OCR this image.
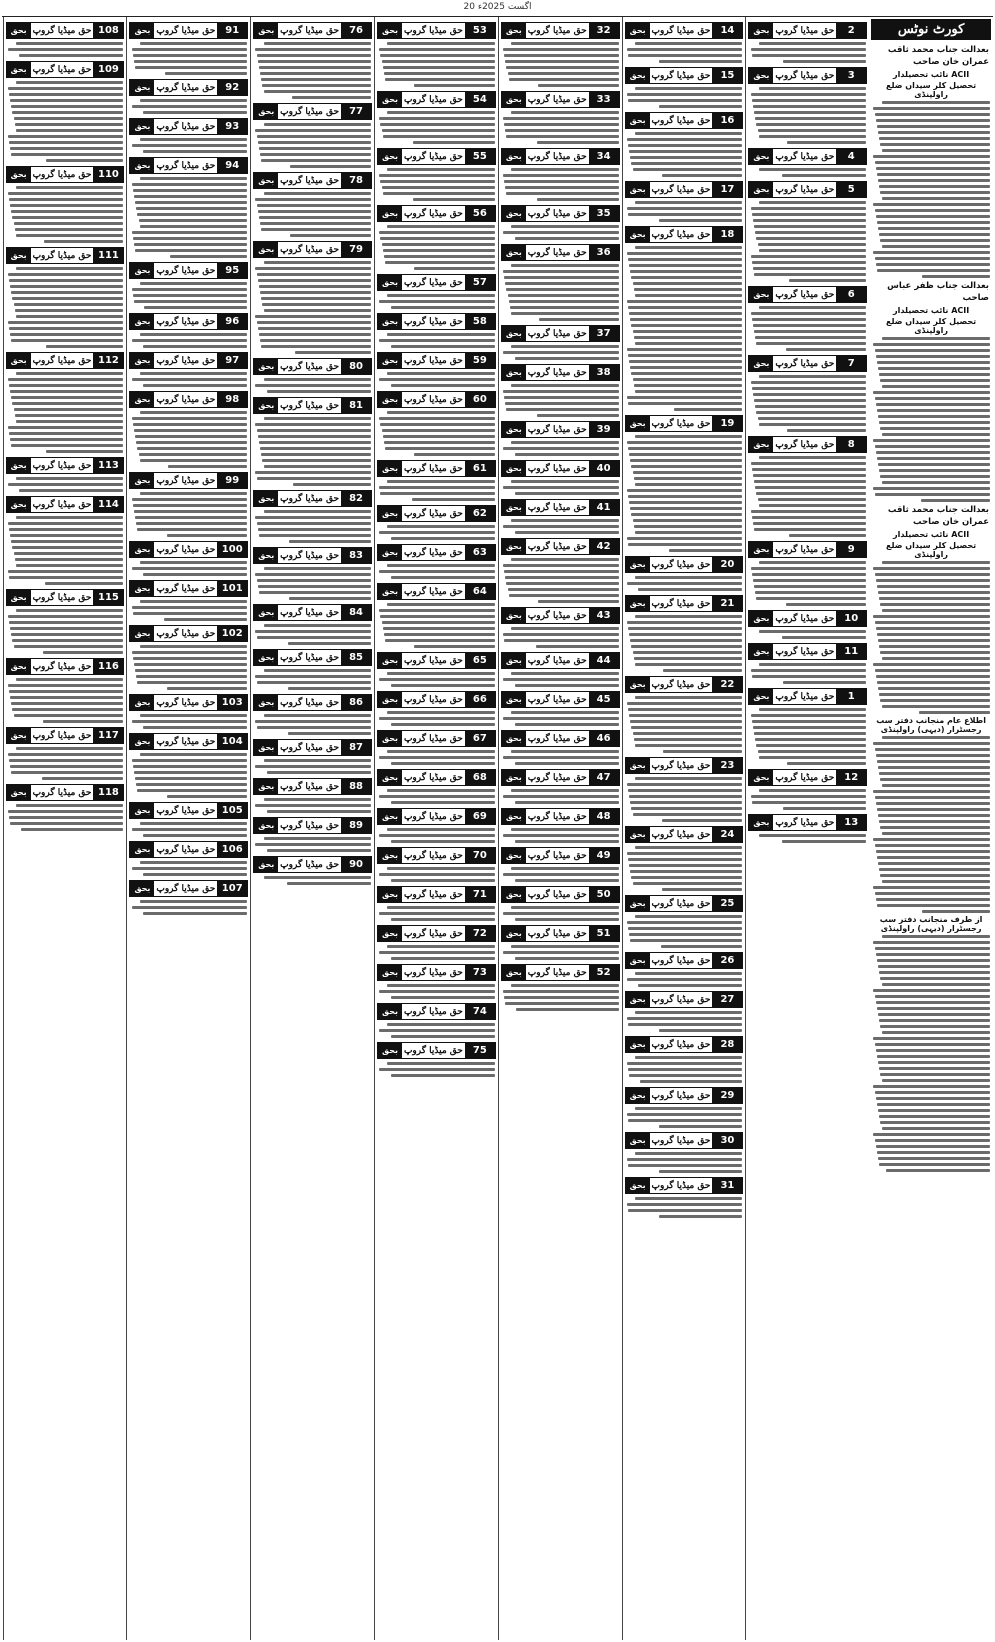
20 اگست 2025ء
کورٹ نوٹس
بعدالت جناب محمد ثاقب عمران خان صاحب
ACII نائب تحصیلدار
تحصیل کلر سیداں ضلع راولپنڈی
بعدالت جناب ظفر عباس صاحب
ACII نائب تحصیلدار
تحصیل کلر سیداں ضلع راولپنڈی
بعدالت جناب محمد ثاقب عمران خان صاحب
ACII نائب تحصیلدار
تحصیل کلر سیداں ضلع راولپنڈی
اطلاع عام منجانب دفتر سب رجسٹرار (دیہی) راولپنڈی
از طرف منجانب دفتر سب رجسٹرار (دیہی) راولپنڈی
2
حق میڈیا گروپ
بحق
3
حق میڈیا گروپ
بحق
4
حق میڈیا گروپ
بحق
5
حق میڈیا گروپ
بحق
6
حق میڈیا گروپ
بحق
7
حق میڈیا گروپ
بحق
8
حق میڈیا گروپ
بحق
9
حق میڈیا گروپ
بحق
10
حق میڈیا گروپ
بحق
11
حق میڈیا گروپ
بحق
1
حق میڈیا گروپ
بحق
12
حق میڈیا گروپ
بحق
13
حق میڈیا گروپ
بحق
14
حق میڈیا گروپ
بحق
15
حق میڈیا گروپ
بحق
16
حق میڈیا گروپ
بحق
17
حق میڈیا گروپ
بحق
18
حق میڈیا گروپ
بحق
19
حق میڈیا گروپ
بحق
20
حق میڈیا گروپ
بحق
21
حق میڈیا گروپ
بحق
22
حق میڈیا گروپ
بحق
23
حق میڈیا گروپ
بحق
24
حق میڈیا گروپ
بحق
25
حق میڈیا گروپ
بحق
26
حق میڈیا گروپ
بحق
27
حق میڈیا گروپ
بحق
28
حق میڈیا گروپ
بحق
29
حق میڈیا گروپ
بحق
30
حق میڈیا گروپ
بحق
31
حق میڈیا گروپ
بحق
32
حق میڈیا گروپ
بحق
33
حق میڈیا گروپ
بحق
34
حق میڈیا گروپ
بحق
35
حق میڈیا گروپ
بحق
36
حق میڈیا گروپ
بحق
37
حق میڈیا گروپ
بحق
38
حق میڈیا گروپ
بحق
39
حق میڈیا گروپ
بحق
40
حق میڈیا گروپ
بحق
41
حق میڈیا گروپ
بحق
42
حق میڈیا گروپ
بحق
43
حق میڈیا گروپ
بحق
44
حق میڈیا گروپ
بحق
45
حق میڈیا گروپ
بحق
46
حق میڈیا گروپ
بحق
47
حق میڈیا گروپ
بحق
48
حق میڈیا گروپ
بحق
49
حق میڈیا گروپ
بحق
50
حق میڈیا گروپ
بحق
51
حق میڈیا گروپ
بحق
52
حق میڈیا گروپ
بحق
53
حق میڈیا گروپ
بحق
54
حق میڈیا گروپ
بحق
55
حق میڈیا گروپ
بحق
56
حق میڈیا گروپ
بحق
57
حق میڈیا گروپ
بحق
58
حق میڈیا گروپ
بحق
59
حق میڈیا گروپ
بحق
60
حق میڈیا گروپ
بحق
61
حق میڈیا گروپ
بحق
62
حق میڈیا گروپ
بحق
63
حق میڈیا گروپ
بحق
64
حق میڈیا گروپ
بحق
65
حق میڈیا گروپ
بحق
66
حق میڈیا گروپ
بحق
67
حق میڈیا گروپ
بحق
68
حق میڈیا گروپ
بحق
69
حق میڈیا گروپ
بحق
70
حق میڈیا گروپ
بحق
71
حق میڈیا گروپ
بحق
72
حق میڈیا گروپ
بحق
73
حق میڈیا گروپ
بحق
74
حق میڈیا گروپ
بحق
75
حق میڈیا گروپ
بحق
76
حق میڈیا گروپ
بحق
77
حق میڈیا گروپ
بحق
78
حق میڈیا گروپ
بحق
79
حق میڈیا گروپ
بحق
80
حق میڈیا گروپ
بحق
81
حق میڈیا گروپ
بحق
82
حق میڈیا گروپ
بحق
83
حق میڈیا گروپ
بحق
84
حق میڈیا گروپ
بحق
85
حق میڈیا گروپ
بحق
86
حق میڈیا گروپ
بحق
87
حق میڈیا گروپ
بحق
88
حق میڈیا گروپ
بحق
89
حق میڈیا گروپ
بحق
90
حق میڈیا گروپ
بحق
91
حق میڈیا گروپ
بحق
92
حق میڈیا گروپ
بحق
93
حق میڈیا گروپ
بحق
94
حق میڈیا گروپ
بحق
95
حق میڈیا گروپ
بحق
96
حق میڈیا گروپ
بحق
97
حق میڈیا گروپ
بحق
98
حق میڈیا گروپ
بحق
99
حق میڈیا گروپ
بحق
100
حق میڈیا گروپ
بحق
101
حق میڈیا گروپ
بحق
102
حق میڈیا گروپ
بحق
103
حق میڈیا گروپ
بحق
104
حق میڈیا گروپ
بحق
105
حق میڈیا گروپ
بحق
106
حق میڈیا گروپ
بحق
107
حق میڈیا گروپ
بحق
108
حق میڈیا گروپ
بحق
109
حق میڈیا گروپ
بحق
110
حق میڈیا گروپ
بحق
111
حق میڈیا گروپ
بحق
112
حق میڈیا گروپ
بحق
113
حق میڈیا گروپ
بحق
114
حق میڈیا گروپ
بحق
115
حق میڈیا گروپ
بحق
116
حق میڈیا گروپ
بحق
117
حق میڈیا گروپ
بحق
118
حق میڈیا گروپ
بحق
